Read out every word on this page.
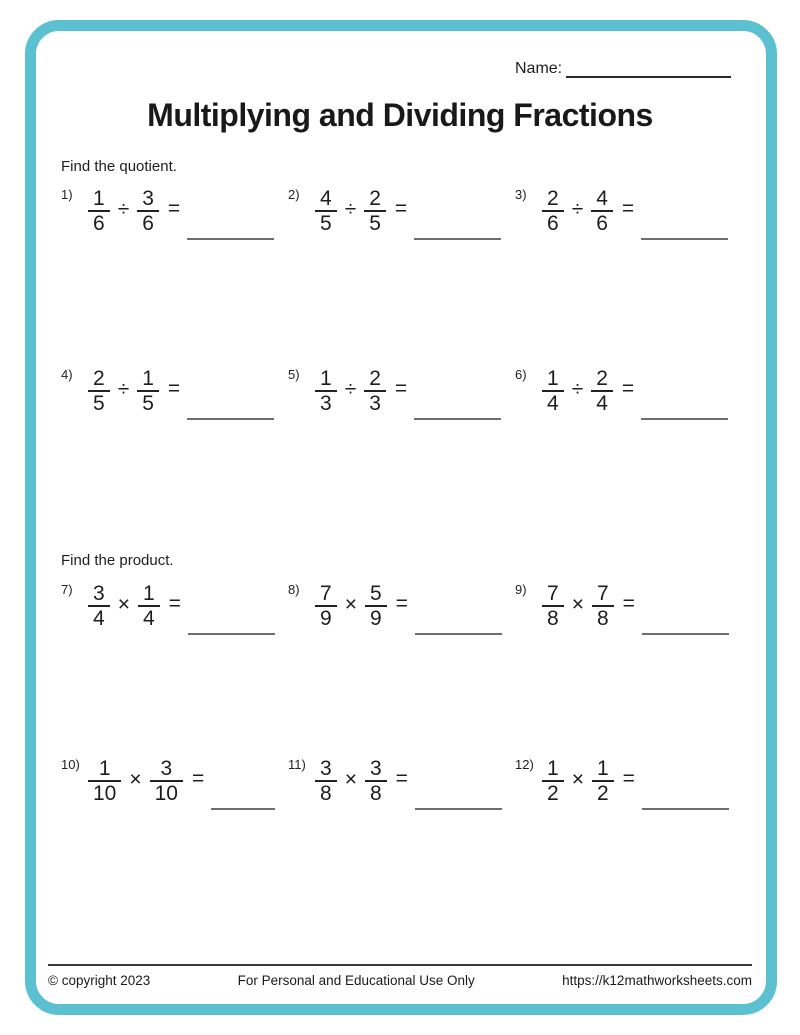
Name:
Multiplying and Dividing Fractions
Find the quotient.
$1) \frac{1}{6} \div \frac{3}{6}$ =
$2) \frac{4}{5} \div \frac{2}{5}$ =
$3) \frac{2}{6} \div \frac{4}{6}$ =
$4) \frac{2}{5} \div \frac{1}{5}$ =
$5) \frac{1}{3} \div \frac{2}{3}$ =
$6) \frac{1}{4} \div \frac{2}{4}$ =
Find the product.
$7) \frac{3}{4} \times \frac{1}{4}$ =
$8) \frac{7}{9} \times \frac{5}{9}$ =
$9) \frac{7}{8} \times \frac{7}{8}$ =
$10) \frac{1}{10} \times \frac{3}{10}$ =
$11) \frac{3}{8} \times \frac{3}{8}$ =
$12) \frac{1}{2} \times \frac{1}{2}$ =
© copyright 2023	For Personal and Educational Use Only	https://k12mathworksheets.com
